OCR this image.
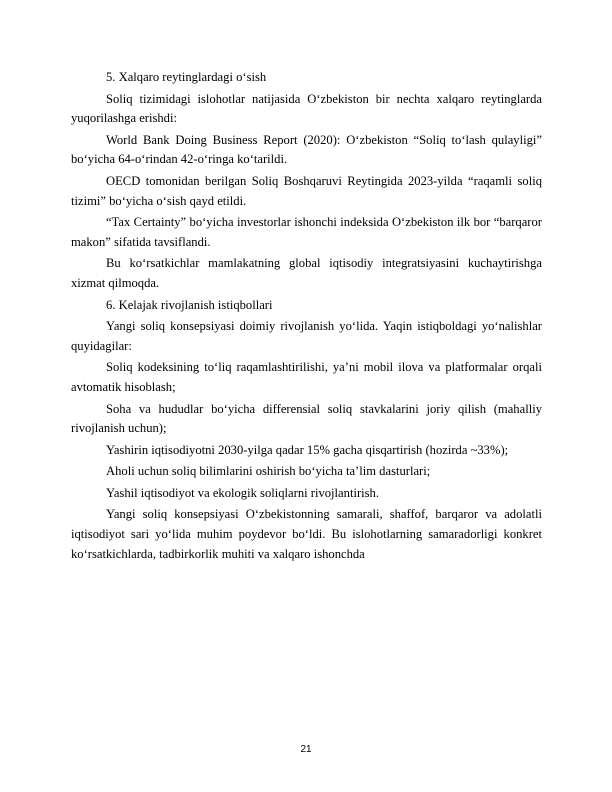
5. Xalqaro reytinglardagi o‘sish

Soliq tizimidagi islohotlar natijasida O‘zbekiston bir nechta xalqaro reytinglarda yuqorilashga erishdi:

World Bank Doing Business Report (2020): O‘zbekiston “Soliq to‘lash qulayligi” bo‘yicha 64-o‘rindan 42-o‘ringa ko‘tarildi.

OECD tomonidan berilgan Soliq Boshqaruvi Reytingida 2023-yilda “raqamli soliq tizimi” bo‘yicha o‘sish qayd etildi.

“Tax Certainty” bo‘yicha investorlar ishonchi indeksida O‘zbekiston ilk bor “barqaror makon” sifatida tavsiflandi.

Bu ko‘rsatkichlar mamlakatning global iqtisodiy integratsiyasini kuchaytirishga xizmat qilmoqda.

6. Kelajak rivojlanish istiqbollari

Yangi soliq konsepsiyasi doimiy rivojlanish yo‘lida. Yaqin istiqboldagi yo‘nalishlar quyidagilar:

Soliq kodeksining to‘liq raqamlashtirilishi, ya’ni mobil ilova va platformalar orqali avtomatik hisoblash;

Soha va hududlar bo‘yicha differensial soliq stavkalarini joriy qilish (mahalliy rivojlanish uchun);

Yashirin iqtisodiyotni 2030-yilga qadar 15% gacha qisqartirish (hozirda ~33%);

Aholi uchun soliq bilimlarini oshirish bo‘yicha ta’lim dasturlari;

Yashil iqtisodiyot va ekologik soliqlarni rivojlantirish.

Yangi soliq konsepsiyasi O‘zbekistonning samarali, shaffof, barqaror va adolatli iqtisodiyot sari yo‘lida muhim poydevor bo‘ldi. Bu islohotlarning samaradorligi konkret ko‘rsatkichlarda, tadbirkorlik muhiti va xalqaro ishonchda

21
